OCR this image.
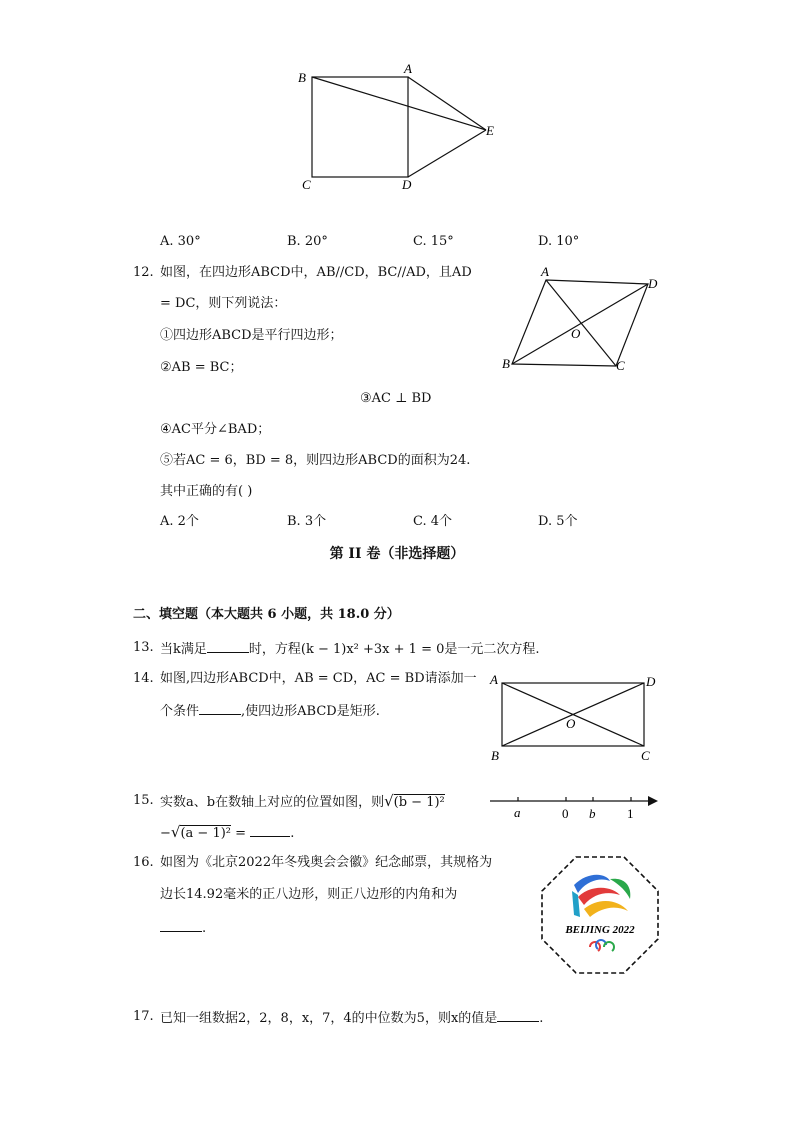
B
A
E
C	D
A. 30°	B. 20°	C. 15°	D. 10°
12. 如图，在四边形ABCD中，AB//CD，BC//AD，且AD
= DC，则下列说法：
①四边形ABCD是平行四边形；
②AB = BC；
③AC ⊥ BD
④AC平分∠BAD；
⑤若AC = 6，BD = 8，则四边形ABCD的面积为24.
其中正确的有( )
A
D
O
B	C
A. 2个	B. 3个	C. 4个	D. 5个
第 II 卷（非选择题）
二、填空题（本大题共 6 小题，共 18.0 分）
13. 当k满足	时，方程(k − 1)x² +3x + 1 = 0是一元二次方程.
14. 如图,四边形ABCD中，AB = CD，AC = BD请添加一
个条件	,使四边形ABCD是矩形.
A	D
O
B	C
15. 实数a、b在数轴上对应的位置如图，则√(b − 1)²
−√(a − 1)² =	.
a	0 b 1
16. 如图为《北京2022年冬残奥会会徽》纪念邮票，其规格为
边长14.92毫米的正八边形，则正八边形的内角和为
.	BEIJING 2022
17. 已知一组数据2，2，8，x，7，4的中位数为5，则x的值是	.
